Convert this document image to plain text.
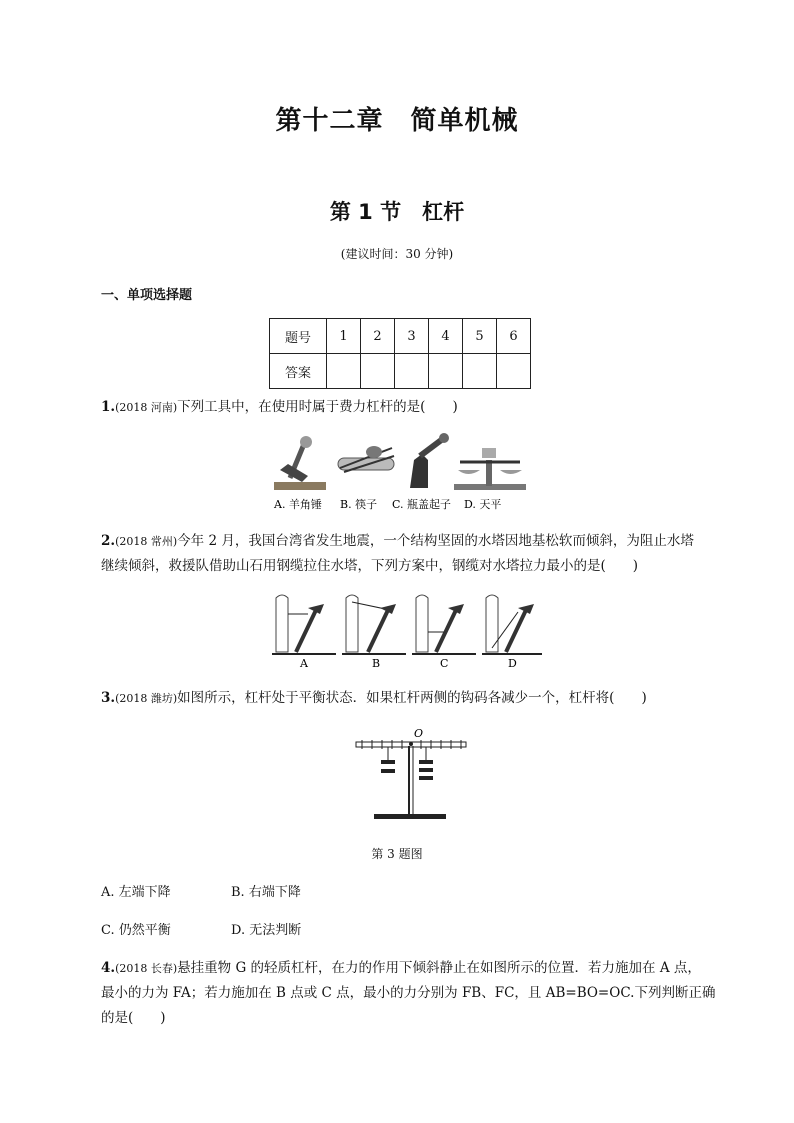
第十二章　简单机械
第 1 节　杠杆
(建议时间：30 分钟)
一、单项选择题
题号	1	2	3	4	5	6
答案						
1.(2018 河南)下列工具中，在使用时属于费力杠杆的是(　　)
A. 羊角锤 B. 筷子 C. 瓶盖起子 D. 天平
2.(2018 常州)今年 2 月，我国台湾省发生地震，一个结构坚固的水塔因地基松软而倾斜，为阻止水塔
继续倾斜，救援队借助山石用钢缆拉住水塔，下列方案中，钢缆对水塔拉力最小的是(　　)
A	B	C	D
3.(2018 潍坊)如图所示，杠杆处于平衡状态．如果杠杆两侧的钩码各减少一个，杠杆将(　　)
O
第 3 题图
A. 左端下降	B. 右端下降
C. 仍然平衡	D. 无法判断
4.(2018 长春)悬挂重物 G 的轻质杠杆，在力的作用下倾斜静止在如图所示的位置．若力施加在 A 点，
最小的力为 FA；若力施加在 B 点或 C 点，最小的力分别为 FB、FC，且 AB=BO=OC.下列判断正确的是(　　)
